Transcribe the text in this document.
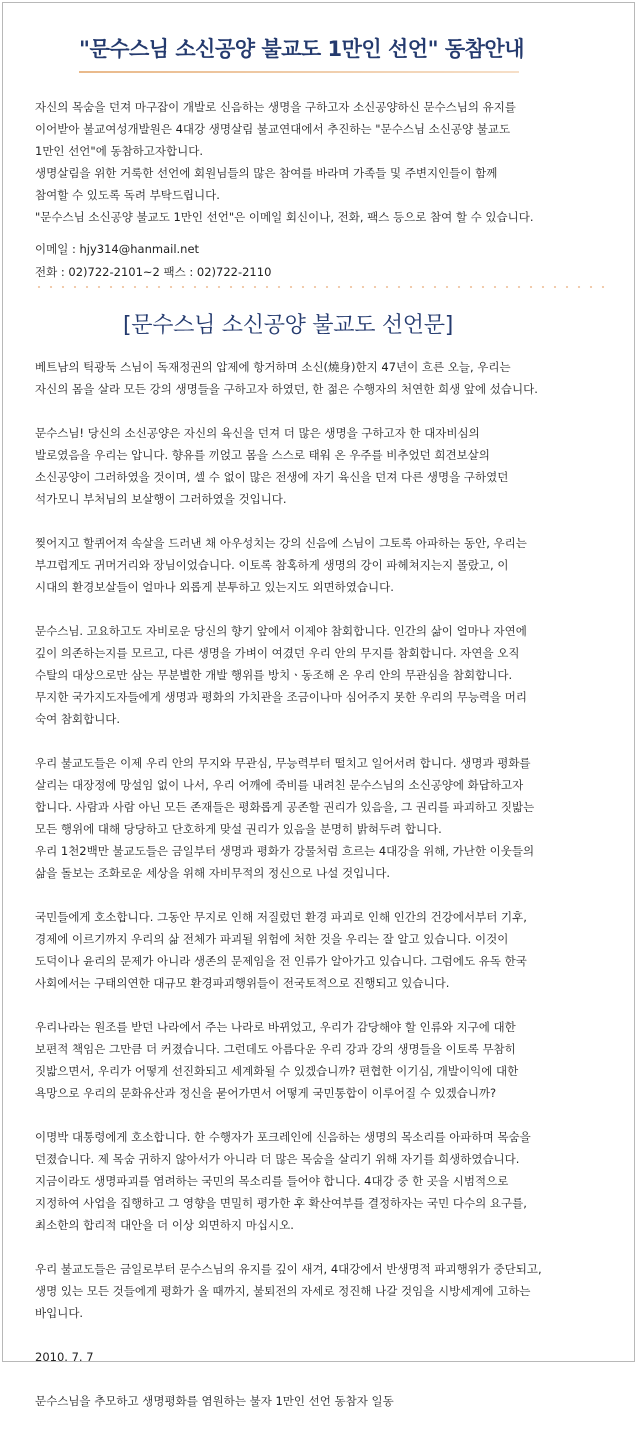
"문수스님 소신공양 불교도 1만인 선언" 동참안내

자신의 목숨을 던져 마구잡이 개발로 신음하는 생명을 구하고자 소신공양하신 문수스님의 유지를

이어받아 불교여성개발원은 4대강 생명살림 불교연대에서 추진하는 "문수스님 소신공양 불교도

1만인 선언"에 동참하고자합니다.

생명살림을 위한 거룩한 선언에 회원님들의 많은 참여를 바라며 가족들 및 주변지인들이 함께

참여할 수 있도록 독려 부탁드립니다.

"문수스님 소신공양 불교도 1만인 선언"은 이메일 회신이나, 전화, 팩스 등으로 참여 할 수 있습니다.

이메일 : hjy314@hanmail.net

전화 : 02)722-2101~2 팩스 : 02)722-2110

[문수스님 소신공양 불교도 선언문]

베트남의 틱광둑 스님이 독재정권의 압제에 항거하며 소신(燒身)한지 47년이 흐른 오늘, 우리는
자신의 몸을 살라 모든 강의 생명들을 구하고자 하였던, 한 젊은 수행자의 처연한 희생 앞에 섰습니다.

문수스님! 당신의 소신공양은 자신의 육신을 던져 더 많은 생명을 구하고자 한 대자비심의
발로였음을 우리는 압니다. 향유를 끼얹고 몸을 스스로 태워 온 우주를 비추었던 희견보살의
소신공양이 그러하였을 것이며, 셀 수 없이 많은 전생에 자기 육신을 던져 다른 생명을 구하였던
석가모니 부처님의 보살행이 그러하였을 것입니다.

찢어지고 할퀴어져 속살을 드러낸 채 아우성치는 강의 신음에 스님이 그토록 아파하는 동안, 우리는
부끄럽게도 귀머거리와 장님이었습니다. 이토록 참혹하게 생명의 강이 파헤쳐지는지 몰랐고, 이
시대의 환경보살들이 얼마나 외롭게 분투하고 있는지도 외면하였습니다.

문수스님. 고요하고도 자비로운 당신의 향기 앞에서 이제야 참회합니다. 인간의 삶이 얼마나 자연에
깊이 의존하는지를 모르고, 다른 생명을 가벼이 여겼던 우리 안의 무지를 참회합니다. 자연을 오직
수탈의 대상으로만 삼는 무분별한 개발 행위를 방치ㆍ동조해 온 우리 안의 무관심을 참회합니다.
무지한 국가지도자들에게 생명과 평화의 가치관을 조금이나마 심어주지 못한 우리의 무능력을 머리
숙여 참회합니다.

우리 불교도들은 이제 우리 안의 무지와 무관심, 무능력부터 떨치고 일어서려 합니다. 생명과 평화를
살리는 대장정에 망설임 없이 나서, 우리 어깨에 죽비를 내려친 문수스님의 소신공양에 화답하고자
합니다. 사람과 사람 아닌 모든 존재들은 평화롭게 공존할 권리가 있음을, 그 권리를 파괴하고 짓밟는
모든 행위에 대해 당당하고 단호하게 맞설 권리가 있음을 분명히 밝혀두려 합니다.
우리 1천2백만 불교도들은 금일부터 생명과 평화가 강물처럼 흐르는 4대강을 위해, 가난한 이웃들의
삶을 돌보는 조화로운 세상을 위해 자비무적의 정신으로 나설 것입니다.

국민들에게 호소합니다. 그동안 무지로 인해 저질렀던 환경 파괴로 인해 인간의 건강에서부터 기후,
경제에 이르기까지 우리의 삶 전체가 파괴될 위험에 처한 것을 우리는 잘 알고 있습니다. 이것이
도덕이나 윤리의 문제가 아니라 생존의 문제임을 전 인류가 알아가고 있습니다. 그럼에도 유독 한국
사회에서는 구태의연한 대규모 환경파괴행위들이 전국토적으로 진행되고 있습니다.

우리나라는 원조를 받던 나라에서 주는 나라로 바뀌었고, 우리가 감당해야 할 인류와 지구에 대한
보편적 책임은 그만큼 더 커졌습니다. 그런데도 아름다운 우리 강과 강의 생명들을 이토록 무참히
짓밟으면서, 우리가 어떻게 선진화되고 세계화될 수 있겠습니까? 편협한 이기심, 개발이익에 대한
욕망으로 우리의 문화유산과 정신을 묻어가면서 어떻게 국민통합이 이루어질 수 있겠습니까?

이명박 대통령에게 호소합니다. 한 수행자가 포크레인에 신음하는 생명의 목소리를 아파하며 목숨을
던졌습니다. 제 목숨 귀하지 않아서가 아니라 더 많은 목숨을 살리기 위해 자기를 희생하였습니다.
지금이라도 생명파괴를 염려하는 국민의 목소리를 들어야 합니다. 4대강 중 한 곳을 시범적으로
지정하여 사업을 집행하고 그 영향을 면밀히 평가한 후 확산여부를 결정하자는 국민 다수의 요구를,
최소한의 합리적 대안을 더 이상 외면하지 마십시오.

우리 불교도들은 금일로부터 문수스님의 유지를 깊이 새겨, 4대강에서 반생명적 파괴행위가 중단되고,
생명 있는 모든 것들에게 평화가 올 때까지, 불퇴전의 자세로 정진해 나갈 것임을 시방세계에 고하는
바입니다.

2010. 7. 7

문수스님을 추모하고 생명평화를 염원하는 불자 1만인 선언 동참자 일동
